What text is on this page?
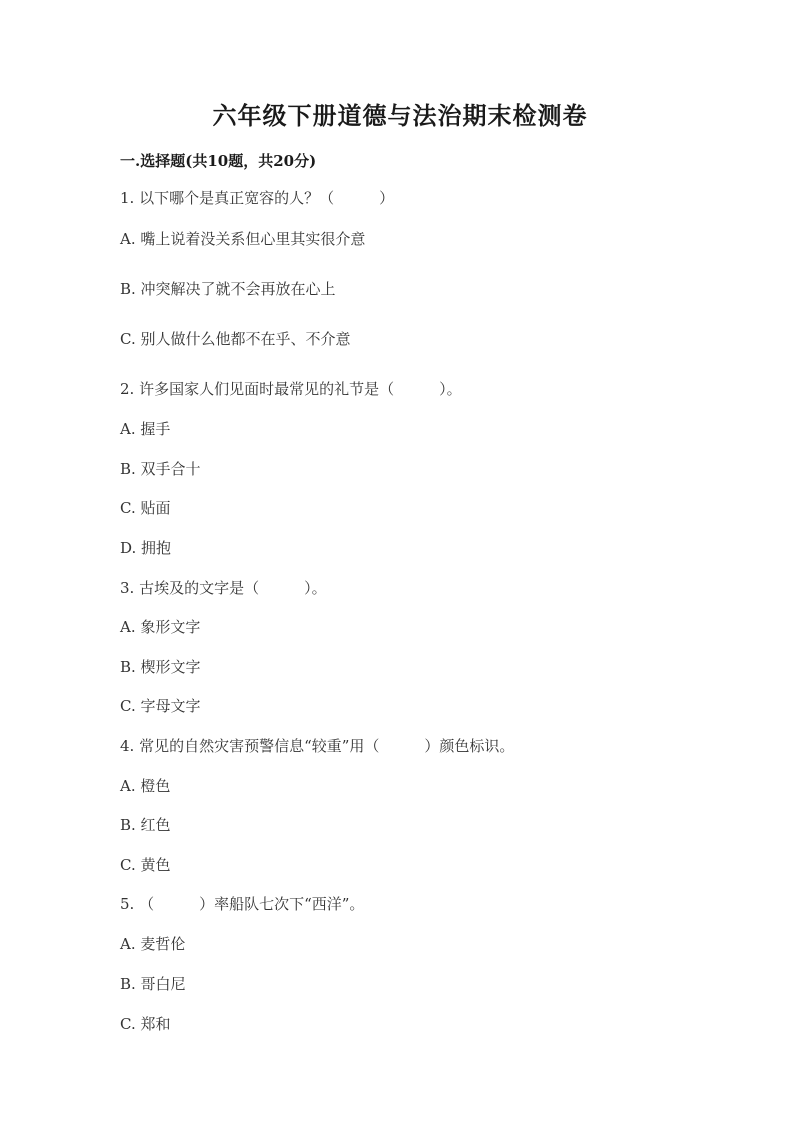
六年级下册道德与法治期末检测卷
一.选择题(共10题，共20分)
1. 以下哪个是真正宽容的人？（　　　）
A. 嘴上说着没关系但心里其实很介意
B. 冲突解决了就不会再放在心上
C. 别人做什么他都不在乎、不介意
2. 许多国家人们见面时最常见的礼节是（　　　）。
A. 握手
B. 双手合十
C. 贴面
D. 拥抱
3. 古埃及的文字是（　　　）。
A. 象形文字
B. 楔形文字
C. 字母文字
4. 常见的自然灾害预警信息“较重”用（　　　）颜色标识。
A. 橙色
B. 红色
C. 黄色
5. （　　　）率船队七次下“西洋”。
A. 麦哲伦
B. 哥白尼
C. 郑和
